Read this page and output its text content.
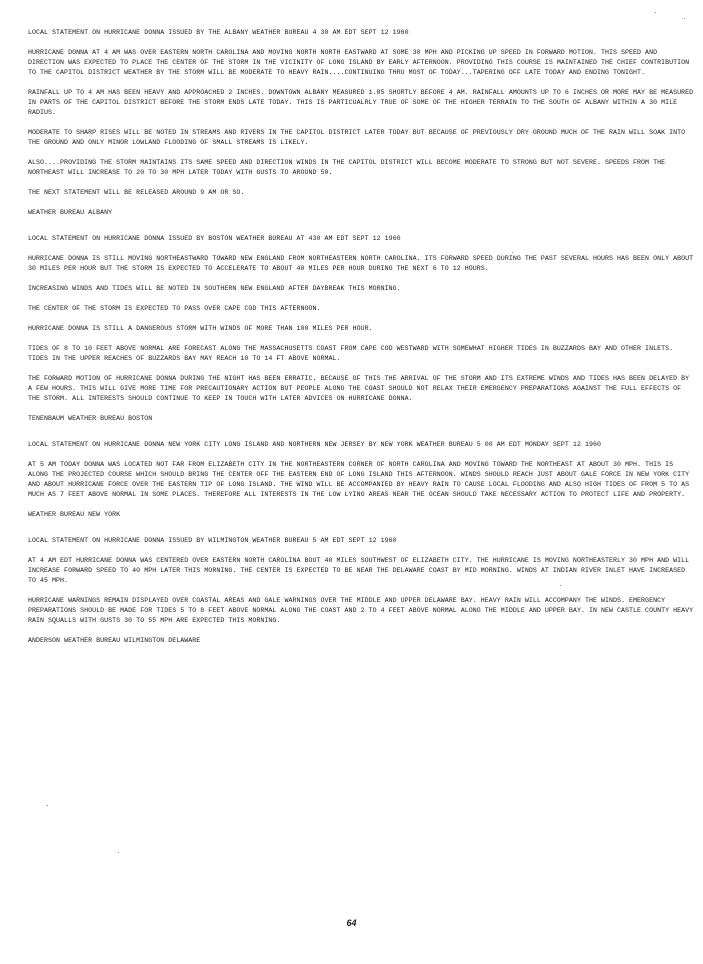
LOCAL STATEMENT ON HURRICANE DONNA ISSUED BY THE ALBANY WEATHER BUREAU 4 30 AM EDT SEPT 12 1960

HURRICANE DONNA AT 4 AM WAS OVER EASTERN NORTH CAROLINA AND MOVING NORTH NORTH EASTWARD AT SOME 30 MPH AND PICKING UP SPEED IN FORWARD MOTION. THIS SPEED AND DIRECTION WAS EXPECTED TO PLACE THE CENTER OF THE STORM IN THE VICINITY OF LONG ISLAND BY EARLY AFTERNOON. PROVIDING THIS COURSE IS MAINTAINED THE CHIEF CONTRIBUTION TO THE CAPITOL DISTRICT WEATHER BY THE STORM WILL BE MODERATE TO HEAVY RAIN....CONTINUING THRU MOST OF TODAY...TAPERING OFF LATE TODAY AND ENDING TONIGHT.

RAINFALL UP TO 4 AM HAS BEEN HEAVY AND APPROACHED 2 INCHES. DOWNTOWN ALBANY MEASURED 1.85 SHORTLY BEFORE 4 AM. RAINFALL AMOUNTS UP TO 6 INCHES OR MORE MAY BE MEASURED IN PARTS OF THE CAPITOL DISTRICT BEFORE THE STORM ENDS LATE TODAY. THIS IS PARTICUALRLY TRUE OF SOME OF THE HIGHER TERRAIN TO THE SOUTH OF ALBANY WITHIN A 30 MILE RADIUS.

MODERATE TO SHARP RISES WILL BE NOTED IN STREAMS AND RIVERS IN THE CAPITOL DISTRICT LATER TODAY BUT BECAUSE OF PREVIOUSLY DRY GROUND MUCH OF THE RAIN WILL SOAK INTO THE GROUND AND ONLY MINOR LOWLAND FLOODING OF SMALL STREAMS IS LIKELY.

ALSO....PROVIDING THE STORM MAINTAINS ITS SAME SPEED AND DIRECTION WINDS IN THE CAPITOL DISTRICT WILL BECOME MODERATE TO STRONG BUT NOT SEVERE. SPEEDS FROM THE NORTHEAST WILL INCREASE TO 20 TO 30 MPH LATER TODAY WITH GUSTS TO AROUND 50.

THE NEXT STATEMENT WILL BE RELEASED AROUND 9 AM OR SO.

WEATHER BUREAU ALBANY

LOCAL STATEMENT ON HURRICANE DONNA ISSUED BY BOSTON WEATHER BUREAU AT 430 AM EDT SEPT 12 1960

HURRICANE DONNA IS STILL MOVING NORTHEASTWARD TOWARD NEW ENGLAND FROM NORTHEASTERN NORTH CAROLINA. ITS FORWARD SPEED DURING THE PAST SEVERAL HOURS HAS BEEN ONLY ABOUT 30 MILES PER HOUR BUT THE STORM IS EXPECTED TO ACCELERATE TO ABOUT 40 MILES PER HOUR DURING THE NEXT 6 TO 12 HOURS.

INCREASING WINDS AND TIDES WILL BE NOTED IN SOUTHERN NEW ENGLAND AFTER DAYBREAK THIS MORNING.

THE CENTER OF THE STORM IS EXPECTED TO PASS OVER CAPE COD THIS AFTERNOON.

HURRICANE DONNA IS STILL A DANGEROUS STORM WITH WINDS OF MORE THAN 100 MILES PER HOUR.

TIDES OF 8 TO 10 FEET ABOVE NORMAL ARE FORECAST ALONG THE MASSACHUSETTS COAST FROM CAPE COD WESTWARD WITH SOMEWHAT HIGHER TIDES IN BUZZARDS BAY AND OTHER INLETS. TIDES IN THE UPPER REACHES OF BUZZARDS BAY MAY REACH 10 TO 14 FT ABOVE NORMAL.

THE FORWARD MOTION OF HURRICANE DONNA DURING THE NIGHT HAS BEEN ERRATIC. BECAUSE OF THIS THE ARRIVAL OF THE STORM AND ITS EXTREME WINDS AND TIDES HAS BEEN DELAYED BY A FEW HOURS. THIS WILL GIVE MORE TIME FOR PRECAUTIONARY ACTION BUT PEOPLE ALONG THE COAST SHOULD NOT RELAX THEIR EMERGENCY PREPARATIONS AGAINST THE FULL EFFECTS OF THE STORM. ALL INTERESTS SHOULD CONTINUE TO KEEP IN TOUCH WITH LATER ADVICES ON HURRICANE DONNA.

TENENBAUM WEATHER BUREAU BOSTON

LOCAL STATEMENT ON HURRICANE DONNA NEW YORK CITY LONG ISLAND AND NORTHERN NEW JERSEY BY NEW YORK WEATHER BUREAU 5 00 AM EDT MONDAY SEPT 12 1960

AT 5 AM TODAY DONNA WAS LOCATED NOT FAR FROM ELIZABETH CITY IN THE NORTHEASTERN CORNER OF NORTH CAROLINA AND MOVING TOWARD THE NORTHEAST AT ABOUT 30 MPH. THIS IS ALONG THE PROJECTED COURSE WHICH SHOULD BRING THE CENTER OFF THE EASTERN END OF LONG ISLAND THIS AFTERNOON. WINDS SHOULD REACH JUST ABOUT GALE FORCE IN NEW YORK CITY AND ABOUT HURRICANE FORCE OVER THE EASTERN TIP OF LONG ISLAND. THE WIND WILL BE ACCOMPANIED BY HEAVY RAIN TO CAUSE LOCAL FLOODING AND ALSO HIGH TIDES OF FROM 5 TO AS MUCH AS 7 FEET ABOVE NORMAL IN SOME PLACES. THEREFORE ALL INTERESTS IN THE LOW LYING AREAS NEAR THE OCEAN SHOULD TAKE NECESSARY ACTION TO PROTECT LIFE AND PROPERTY.

WEATHER BUREAU NEW YORK

LOCAL STATEMENT ON HURRICANE DONNA ISSUED BY WILMINGTON WEATHER BUREAU 5 AM EDT SEPT 12 1960

AT 4 AM EDT HURRICANE DONNA WAS CENTERED OVER EASTERN NORTH CAROLINA BOUT 40 MILES SOUTHWEST OF ELIZABETH CITY. THE HURRICANE IS MOVING NORTHEASTERLY 30 MPH AND WILL INCREASE FORWARD SPEED TO 40 MPH LATER THIS MORNING. THE CENTER IS EXPECTED TO BE NEAR THE DELAWARE COAST BY MID MORNING. WINDS AT INDIAN RIVER INLET HAVE INCREASED TO 45 MPH.

HURRICANE WARNINGS REMAIN DISPLAYED OVER COASTAL AREAS AND GALE WARNINGS OVER THE MIDDLE AND UPPER DELAWARE BAY. HEAVY RAIN WILL ACCOMPANY THE WINDS. EMERGENCY PREPARATIONS SHOULD BE MADE FOR TIDES 5 TO 8 FEET ABOVE NORMAL ALONG THE COAST AND 2 TO 4 FEET ABOVE NORMAL ALONG THE MIDDLE AND UPPER BAY. IN NEW CASTLE COUNTY HEAVY RAIN SQUALLS WITH GUSTS 30 TO 55 MPH ARE EXPECTED THIS MORNING.

ANDERSON WEATHER BUREAU WILMINGTON DELAWARE

64
